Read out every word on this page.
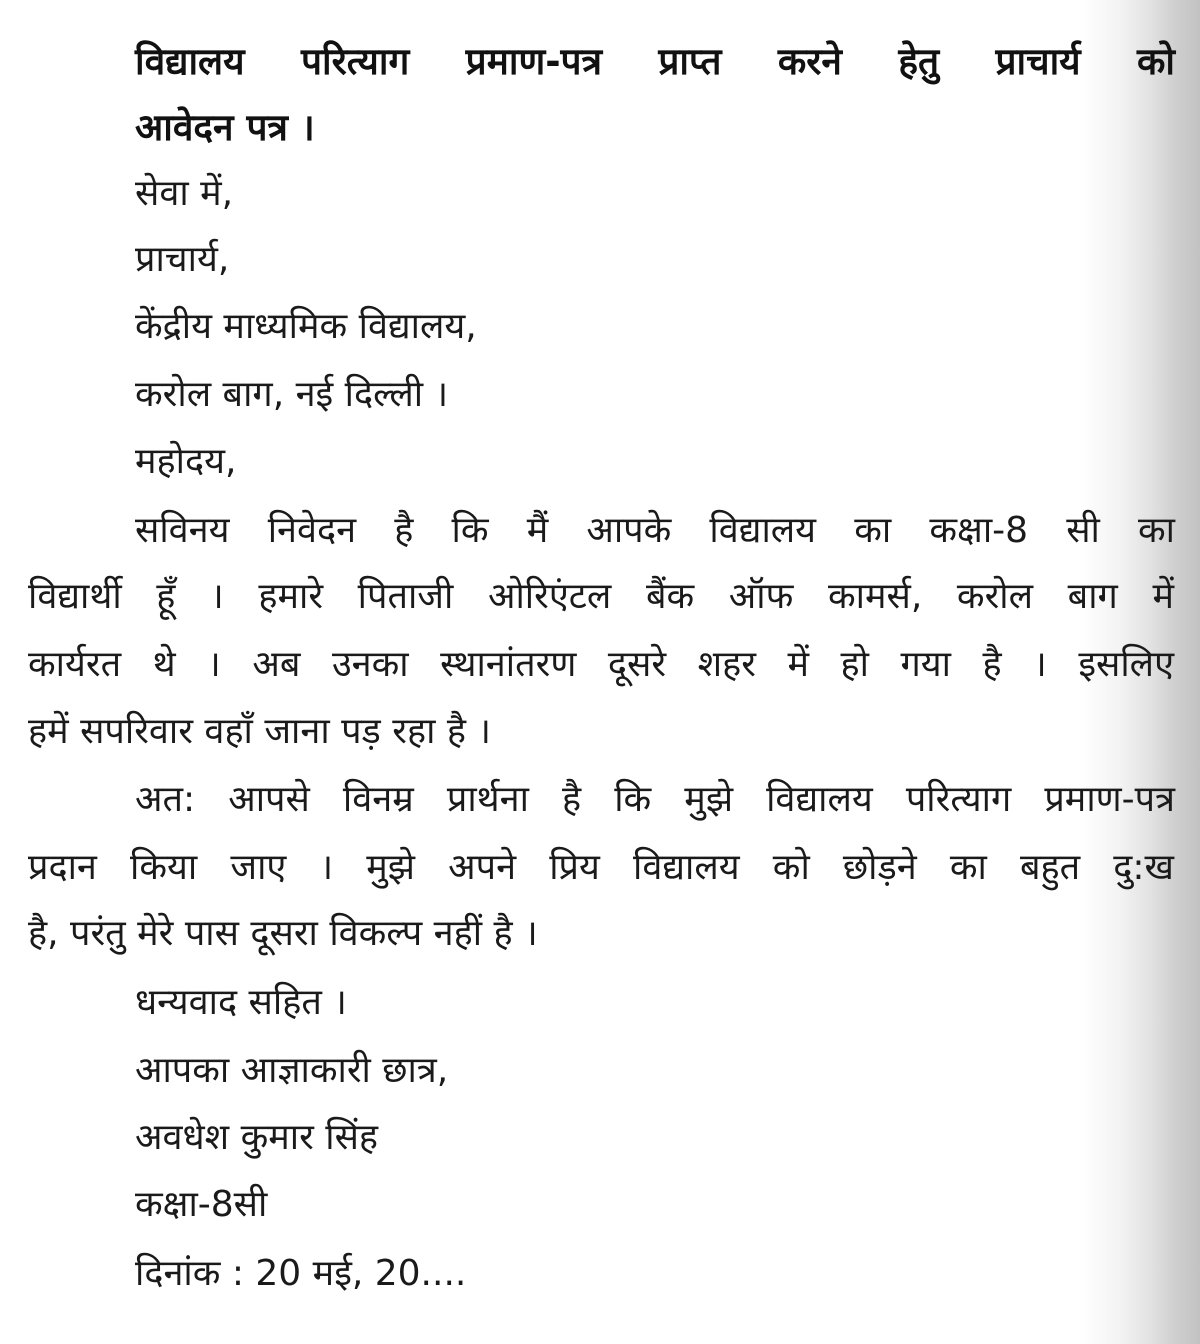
विद्यालय परित्याग प्रमाण-पत्र प्राप्त करने हेतु प्राचार्य को

आवेदन पत्र ।

सेवा में,

प्राचार्य,

केंद्रीय माध्यमिक विद्यालय,

करोल बाग, नई दिल्ली ।

महोदय,

सविनय निवेदन है कि मैं आपके विद्यालय का कक्षा-8 सी का

विद्यार्थी हूँ । हमारे पिताजी ओरिएंटल बैंक ऑफ कामर्स, करोल बाग में

कार्यरत थे । अब उनका स्थानांतरण दूसरे शहर में हो गया है । इसलिए

हमें सपरिवार वहाँ जाना पड़ रहा है ।

अत: आपसे विनम्र प्रार्थना है कि मुझे विद्यालय परित्याग प्रमाण-पत्र

प्रदान किया जाए । मुझे अपने प्रिय विद्यालय को छोड़ने का बहुत दु:ख

है, परंतु मेरे पास दूसरा विकल्प नहीं है ।

धन्यवाद सहित ।

आपका आज्ञाकारी छात्र,

अवधेश कुमार सिंह

कक्षा-8सी

दिनांक : 20 मई, 20....
